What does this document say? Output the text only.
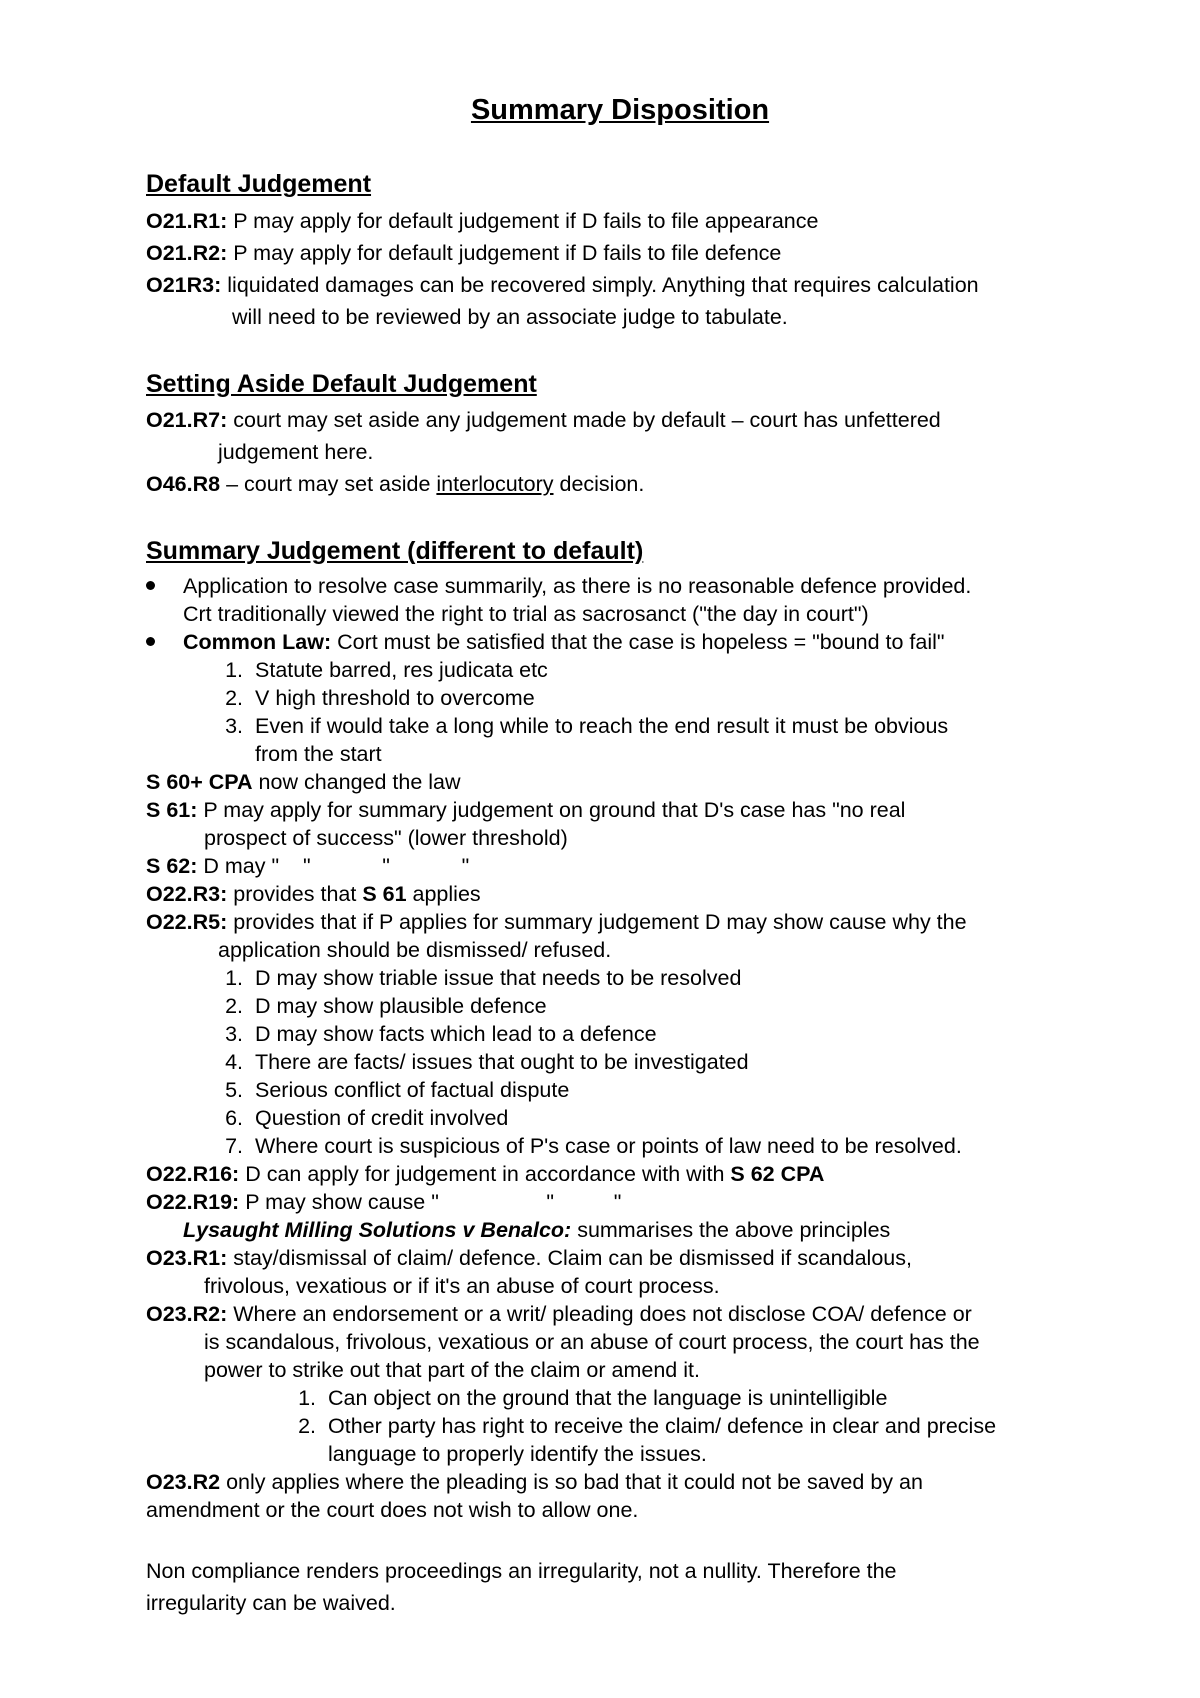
Summary Disposition
Default Judgement
O21.R1: P may apply for default judgement if D fails to file appearance
O21.R2: P may apply for default judgement if D fails to file defence
O21R3: liquidated damages can be recovered simply. Anything that requires calculation
will need to be reviewed by an associate judge to tabulate.
Setting Aside Default Judgement
O21.R7: court may set aside any judgement made by default – court has unfettered
judgement here.
O46.R8 – court may set aside interlocutory decision.
Summary Judgement (different to default)
Application to resolve case summarily, as there is no reasonable defence provided.
Crt traditionally viewed the right to trial as sacrosanct ("the day in court")
Common Law: Cort must be satisfied that the case is hopeless = "bound to fail"
1. Statute barred, res judicata etc
2. V high threshold to overcome
3. Even if would take a long while to reach the end result it must be obvious
from the start
S 60+ CPA now changed the law
S 61: P may apply for summary judgement on ground that D's case has "no real
prospect of success" (lower threshold)
S 62: D may "    "            "            "
O22.R3: provides that S 61 applies
O22.R5: provides that if P applies for summary judgement D may show cause why the
application should be dismissed/ refused.
1. D may show triable issue that needs to be resolved
2. D may show plausible defence
3. D may show facts which lead to a defence
4. There are facts/ issues that ought to be investigated
5. Serious conflict of factual dispute
6. Question of credit involved
7. Where court is suspicious of P's case or points of law need to be resolved.
O22.R16: D can apply for judgement in accordance with with S 62 CPA
O22.R19: P may show cause "                  "          "
Lysaught Milling Solutions v Benalco: summarises the above principles
O23.R1: stay/dismissal of claim/ defence. Claim can be dismissed if scandalous,
frivolous, vexatious or if it's an abuse of court process.
O23.R2: Where an endorsement or a writ/ pleading does not disclose COA/ defence or
is scandalous, frivolous, vexatious or an abuse of court process, the court has the
power to strike out that part of the claim or amend it.
1. Can object on the ground that the language is unintelligible
2. Other party has right to receive the claim/ defence in clear and precise
language to properly identify the issues.
O23.R2 only applies where the pleading is so bad that it could not be saved by an
amendment or the court does not wish to allow one.
Non compliance renders proceedings an irregularity, not a nullity. Therefore the
irregularity can be waived.
